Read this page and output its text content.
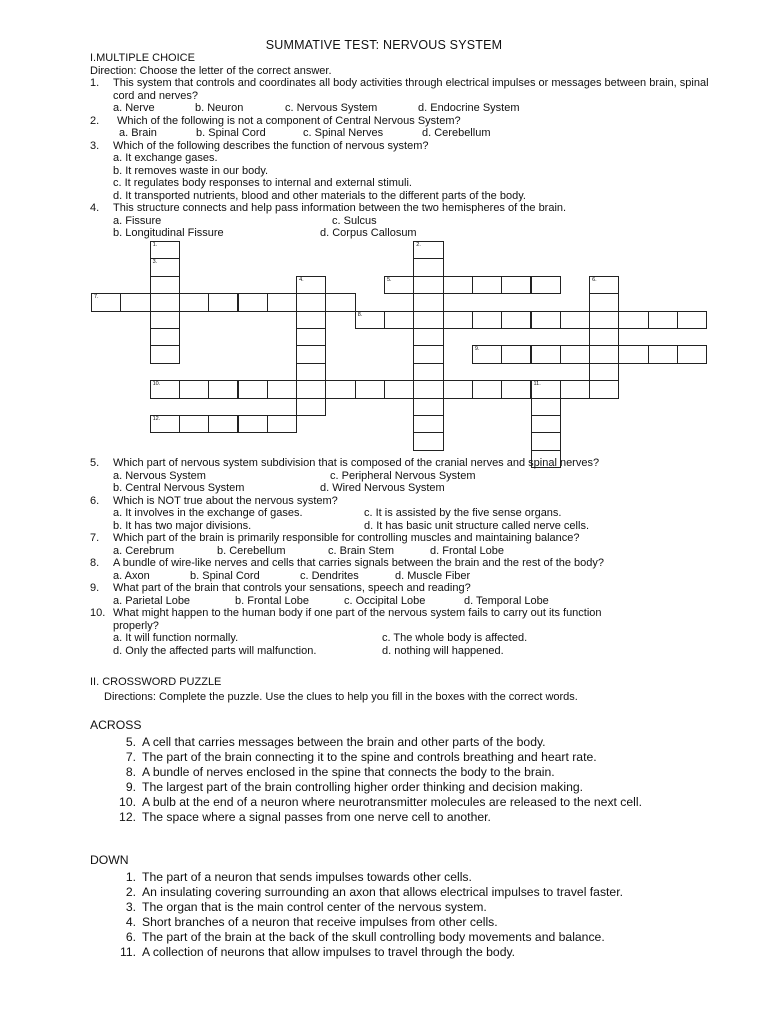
SUMMATIVE TEST: NERVOUS SYSTEM
I.MULTIPLE CHOICE
Direction: Choose the letter of the correct answer.
1.	This system that controls and coordinates all body activities through electrical impulses or messages between brain, spinal cord and nerves?
a. Nerve	b. Neuron	c. Nervous System	d. Endocrine System
2.	Which of the following is not a component of Central Nervous System?
a. Brain	b. Spinal Cord	c. Spinal Nerves	d. Cerebellum
3.	Which of the following describes the function of nervous system?
a. It exchange gases.
b. It removes waste in our body.
c. It regulates body responses to internal and external stimuli.
d. It transported nutrients, blood and other materials to the different parts of the body.
4.	This structure connects and help pass information between the two hemispheres of the brain.
a. Fissure	c. Sulcus
b. Longitudinal Fissure	d. Corpus Callosum
1.
3.
2.
4.	5.	6.
7.
8.
9.
10.	11.
12.
5.	Which part of nervous system subdivision that is composed of the cranial nerves and spinal nerves?
a. Nervous System	c. Peripheral Nervous System
b. Central Nervous System	d. Wired Nervous System
6.	Which is NOT true about the nervous system?
a. It involves in the exchange of gases.	c. It is assisted by the five sense organs.
b. It has two major divisions.	d. It has basic unit structure called nerve cells.
7.	Which part of the brain is primarily responsible for controlling muscles and maintaining balance?
a. Cerebrum	b. Cerebellum	c. Brain Stem	d. Frontal Lobe
8.	A bundle of wire-like nerves and cells that carries signals between the brain and the rest of the body?
a. Axon	b. Spinal Cord	c. Dendrites	d. Muscle Fiber
9.	What part of the brain that controls your sensations, speech and reading?
a. Parietal Lobe	b. Frontal Lobe	c. Occipital Lobe	d. Temporal Lobe
10. What might happen to the human body if one part of the nervous system fails to carry out its function
properly?
a. It will function normally.	c. The whole body is affected.
d. Only the affected parts will malfunction.	d. nothing will happened.
II. CROSSWORD PUZZLE
Directions: Complete the puzzle. Use the clues to help you fill in the boxes with the correct words.
ACROSS
5. A cell that carries messages between the brain and other parts of the body.
7. The part of the brain connecting it to the spine and controls breathing and heart rate.
8. A bundle of nerves enclosed in the spine that connects the body to the brain.
9. The largest part of the brain controlling higher order thinking and decision making.
10. A bulb at the end of a neuron where neurotransmitter molecules are released to the next cell.
12. The space where a signal passes from one nerve cell to another.
DOWN
1. The part of a neuron that sends impulses towards other cells.
2. An insulating covering surrounding an axon that allows electrical impulses to travel faster.
3. The organ that is the main control center of the nervous system.
4. Short branches of a neuron that receive impulses from other cells.
6. The part of the brain at the back of the skull controlling body movements and balance.
11. A collection of neurons that allow impulses to travel through the body.
